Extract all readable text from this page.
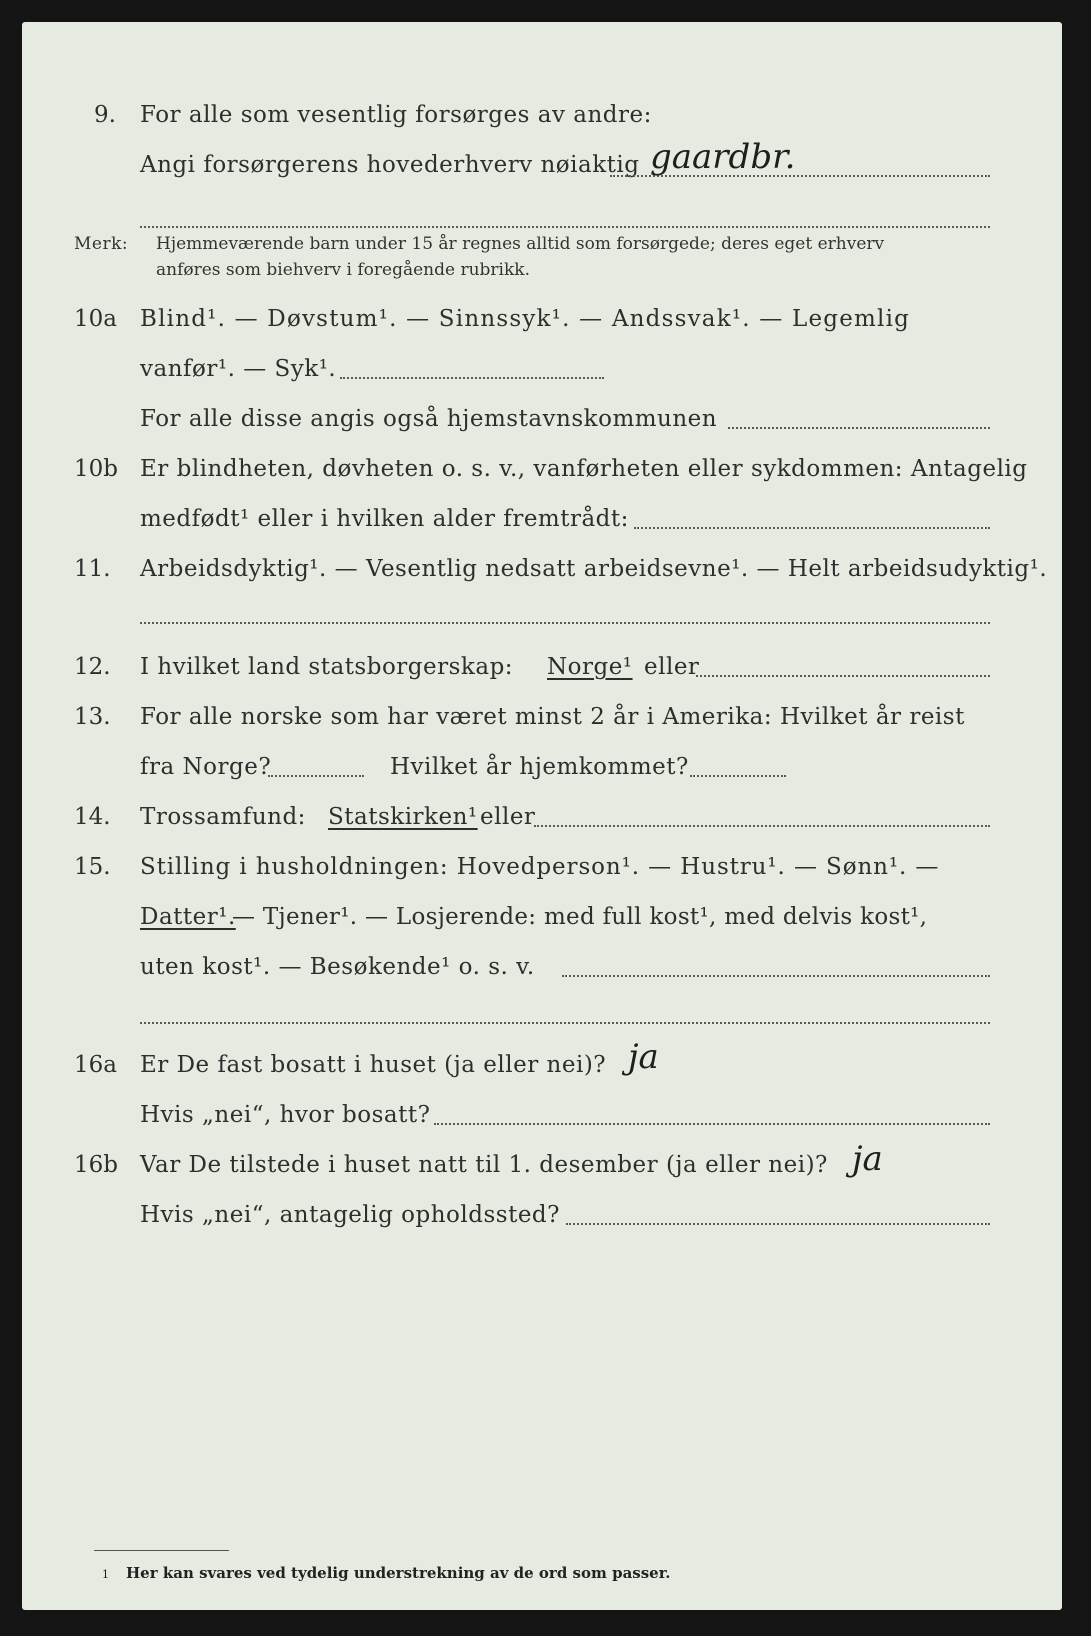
9. For alle som vesentlig forsørges av andre:
Angi forsørgerens hovederhverv nøiaktig gaardbr.
Merk: Hjemmeværende barn under 15 år regnes alltid som forsørgede; deres eget erhverv
anføres som biehverv i foregående rubrikk.
10a Blind¹. — Døvstum¹. — Sinnssyk¹. — Andssvak¹. — Legemlig
vanfør¹. — Syk¹.
For alle disse angis også hjemstavnskommunen
10b Er blindheten, døvheten o. s. v., vanførheten eller sykdommen: Antagelig
medfødt¹ eller i hvilken alder fremtrådt:
11. Arbeidsdyktig¹. — Vesentlig nedsatt arbeidsevne¹. — Helt arbeidsudyktig¹.
12. I hvilket land statsborgerskap: Norge¹ eller
13. For alle norske som har været minst 2 år i Amerika: Hvilket år reist
fra Norge?	Hvilket år hjemkommet?
14. Trossamfund: Statskirken¹ eller
15. Stilling i husholdningen: Hovedperson¹. — Hustru¹. — Sønn¹. —
Datter¹.
— Tjener¹. — Losjerende: med full kost¹, med delvis kost¹,
uten kost¹. — Besøkende¹ o. s. v.
16a Er De fast bosatt i huset (ja eller nei)? ja
Hvis „nei“, hvor bosatt?
16b Var De tilstede i huset natt til 1. desember (ja eller nei)? ja
Hvis „nei“, antagelig opholdssted?
1 Her kan svares ved tydelig understrekning av de ord som passer.
